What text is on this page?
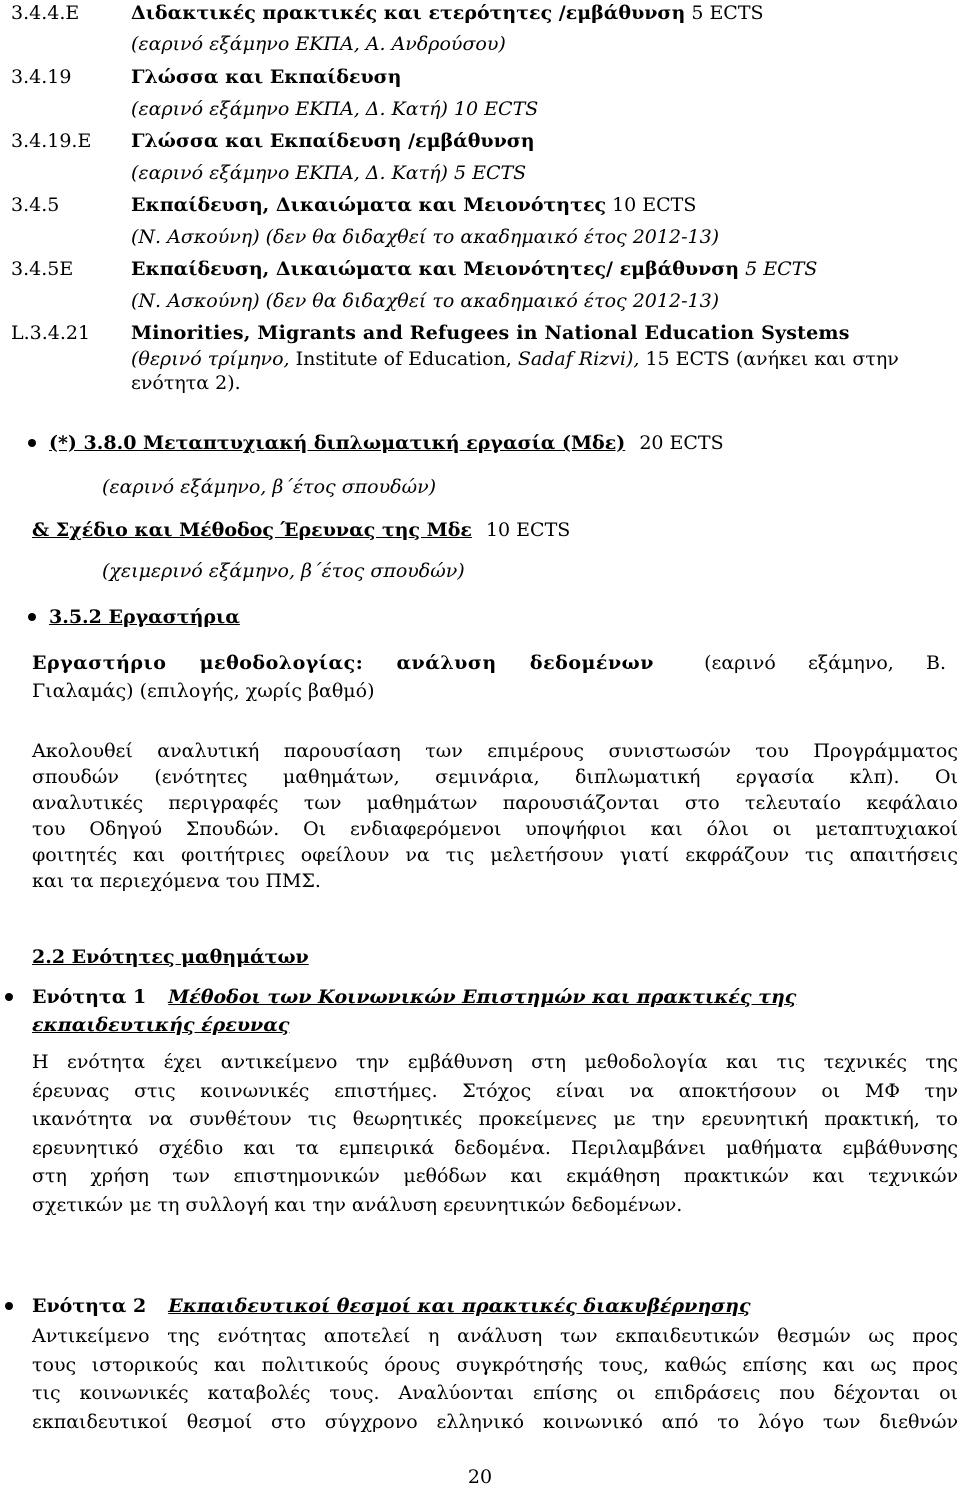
3.4.4.Ε	Διδακτικές πρακτικές και ετερότητες /εμβάθυνση 5 ECTS
(εαρινό εξάμηνο ΕΚΠΑ, Α. Ανδρούσου)
3.4.19	Γλώσσα και Εκπαίδευση
(εαρινό εξάμηνο ΕΚΠΑ, Δ. Κατή) 10 ECTS
3.4.19.Ε Γλώσσα και Εκπαίδευση /εμβάθυνση
(εαρινό εξάμηνο ΕΚΠΑ, Δ. Κατή) 5 ECTS
3.4.5	Εκπαίδευση, Δικαιώματα και Μειονότητες 10 ECTS
(Ν. Ασκούνη) (δεν θα διδαχθεί το ακαδημαικό έτος 2012-13)
3.4.5Ε	Εκπαίδευση, Δικαιώματα και Μειονότητες/ εμβάθυνση 5 ECTS
(Ν. Ασκούνη) (δεν θα διδαχθεί το ακαδημαικό έτος 2012-13)
L.3.4.21 Minorities, Migrants and Refugees in National Education Systems
(θερινό τρίμηνο, Institute of Education, Sadaf Rizvi), 15 ECTS (ανήκει και στην
ενότητα 2).
(*) 3.8.0 Μεταπτυχιακή διπλωματική εργασία (Μδε) 20 ECTS
(εαρινό εξάμηνο, β΄έτος σπουδών)
& Σχέδιο και Μέθοδος Έρευνας της Μδε 10 ECTS
(χειμερινό εξάμηνο, β΄έτος σπουδών)
3.5.2 Εργαστήρια
Εργαστήριο μεθοδολογίας: ανάλυση δεδομένων	(εαρινό εξάμηνο, Β.
Γιαλαμάς) (επιλογής, χωρίς βαθμό)
Ακολουθεί αναλυτική παρουσίαση των επιμέρους συνιστωσών του Προγράμματος
σπουδών (ενότητες μαθημάτων, σεμινάρια, διπλωματική εργασία κλπ). Οι
αναλυτικές περιγραφές των μαθημάτων παρουσιάζονται στο τελευταίο κεφάλαιο
του Οδηγού Σπουδών. Οι ενδιαφερόμενοι υποψήφιοι και όλοι οι μεταπτυχιακοί
φοιτητές και φοιτήτριες οφείλουν να τις μελετήσουν γιατί εκφράζουν τις απαιτήσεις
και τα περιεχόμενα του ΠΜΣ.
2.2 Ενότητες μαθημάτων
Ενότητα 1 Μέθοδοι των Κοινωνικών Επιστημών και πρακτικές της
εκπαιδευτικής έρευνας
Η ενότητα έχει αντικείμενο την εμβάθυνση στη μεθοδολογία και τις τεχνικές της
έρευνας στις κοινωνικές επιστήμες. Στόχος είναι να αποκτήσουν οι ΜΦ την
ικανότητα να συνθέτουν τις θεωρητικές προκείμενες με την ερευνητική πρακτική, το
ερευνητικό σχέδιο και τα εμπειρικά δεδομένα. Περιλαμβάνει μαθήματα εμβάθυνσης
στη χρήση των επιστημονικών μεθόδων και εκμάθηση πρακτικών και τεχνικών
σχετικών με τη συλλογή και την ανάλυση ερευνητικών δεδομένων.
Ενότητα 2 Εκπαιδευτικοί θεσμοί και πρακτικές διακυβέρνησης
Αντικείμενο της ενότητας αποτελεί η ανάλυση των εκπαιδευτικών θεσμών ως προς
τους ιστορικούς και πολιτικούς όρους συγκρότησής τους, καθώς επίσης και ως προς
τις κοινωνικές καταβολές τους. Αναλύονται επίσης οι επιδράσεις που δέχονται οι
εκπαιδευτικοί θεσμοί στο σύγχρονο ελληνικό κοινωνικό από το λόγο των διεθνών
20
